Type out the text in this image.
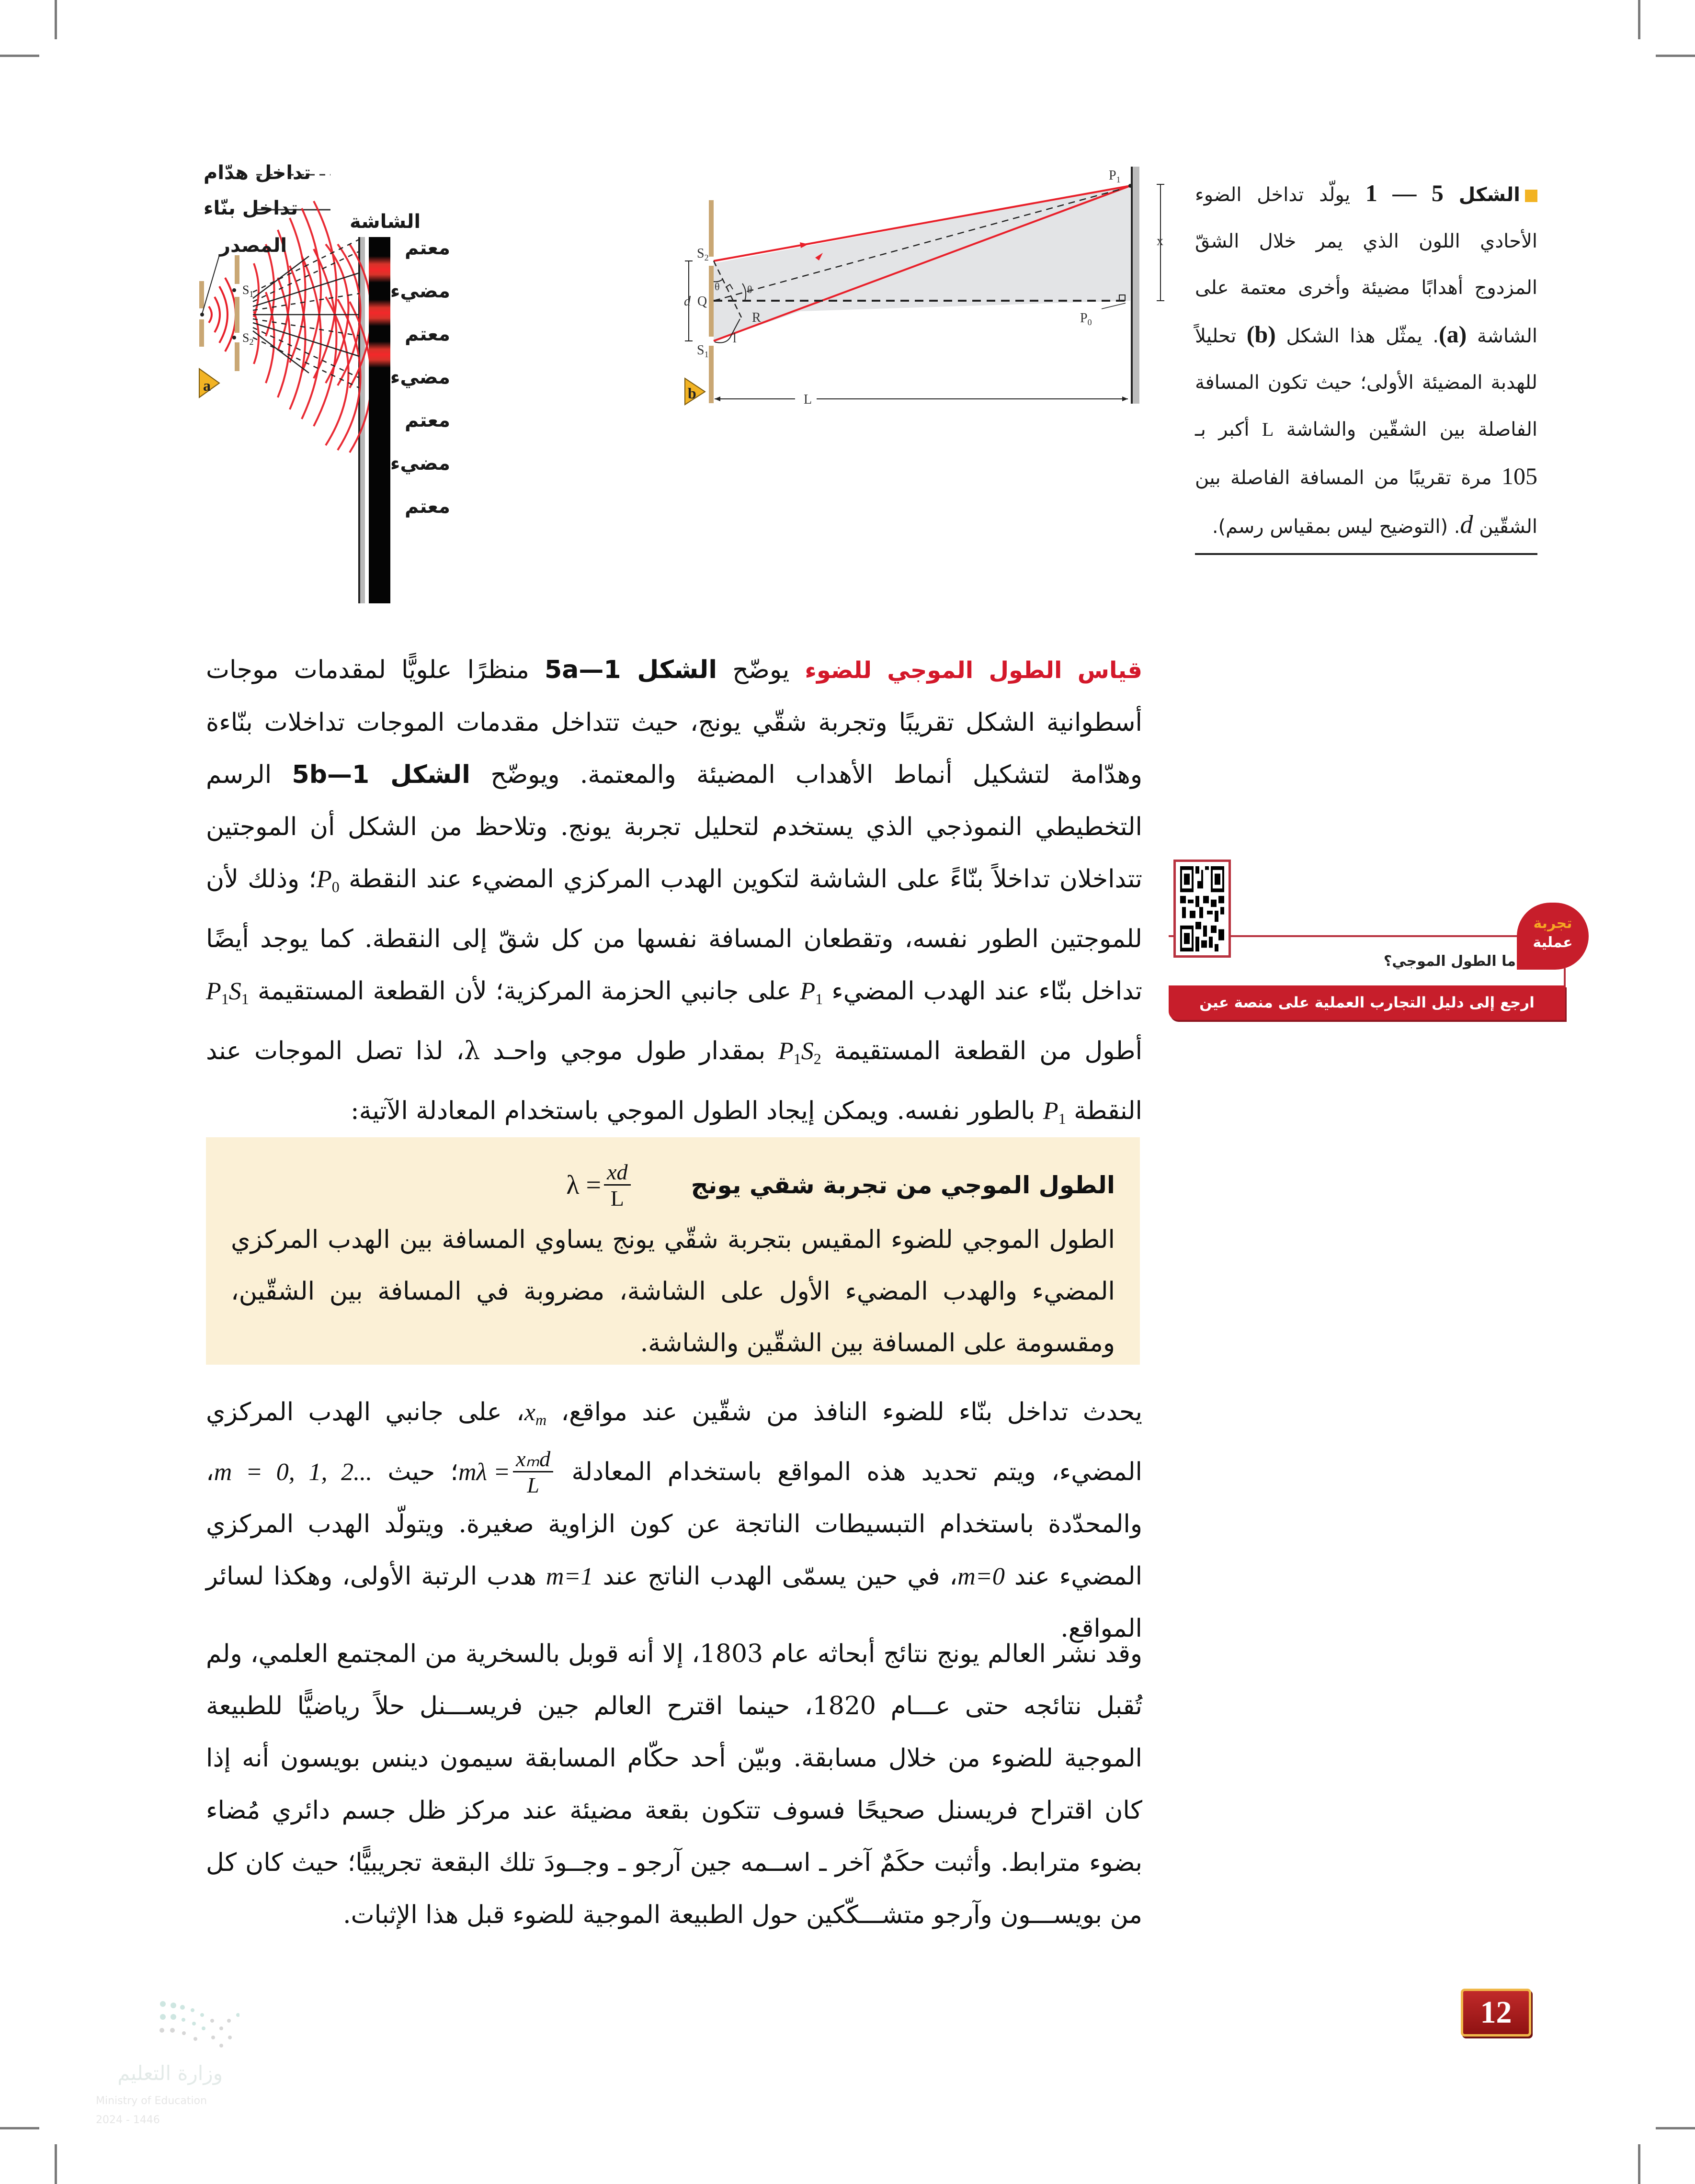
a
$S_1$
$S_2$
تداخل هدّام
تداخل بنّاء
الشاشة
المصدر	معتم
مضيء
معتم
مضيء
معتم
مضيء
معتم
b
$P_1$
$P_0$
$S_2$
$S_1$
Q
R
d
x
L
l
θ	θ
الشكل 5 — 1 يولّد تداخل الضوء الأحادي اللون الذي يمر خلال الشقّ المزدوج أهدابًا مضيئة وأخرى معتمة على الشاشة (a). يمثّل هذا الشكل (b) تحليلاً للهدبة المضيئة الأولى؛ حيث تكون المسافة الفاصلة بين الشقّين والشاشة L أكبر بـ 105 مرة تقريبًا من المسافة الفاصلة بين الشقّين d. (التوضيح ليس بمقياس رسم).
قياس الطول الموجي للضوء يوضّح الشكل 5a—1 منظرًا علويًّا لمقدمات موجات أسطوانية الشكل تقريبًا وتجربة شقّي يونج، حيث تتداخل مقدمات الموجات تداخلات بنّاءة وهدّامة لتشكيل أنماط الأهداب المضيئة والمعتمة. ويوضّح الشكل 5b—1 الرسم التخطيطي النموذجي الذي يستخدم لتحليل تجربة يونج. وتلاحظ من الشكل أن الموجتين تتداخلان تداخلاً بنّاءً على الشاشة لتكوين الهدب المركزي المضيء عند النقطة $P_0؛$ وذلك لأن للموجتين الطور نفسه، وتقطعان المسافة نفسها من كل شقّ إلى النقطة. كما يوجد أيضًا تداخل بنّاء عند الهدب المضيء $P_1$ على جانبي الحزمة المركزية؛ لأن القطعة المستقيمة $P_1S_1$ أطول من القطعة المستقيمة $P_1S_2$ بمقدار طول موجي واحـد λ، لذا تصل الموجات عند النقطة $P_1$ بالطور نفسه. ويمكن إيجاد الطول الموجي باستخدام المعادلة الآتية:
الطول الموجي من تجربة شقي يونج
$\lambda = \frac{xd}{L}$
الطول الموجي للضوء المقيس بتجربة شقّي يونج يساوي المسافة بين الهدب المركزي المضيء والهدب المضيء الأول على الشاشة، مضروبة في المسافة بين الشقّين، ومقسومة على المسافة بين الشقّين والشاشة.
يحدث تداخل بنّاء للضوء النافذ من شقّين عند مواقع، $x_m،$ على جانبي الهدب المركزي المضيء، ويتم تحديد هذه المواقع باستخدام المعادلة
$m\lambda = \frac{\text{xₘd}}{L}$
؛ حيث m = 0, 1, 2...، والمحدّدة باستخدام التبسيطات الناتجة عن كون الزاوية صغيرة. ويتولّد الهدب المركزي المضيء عند m=0، في حين يسمّى الهدب الناتج عند m=1 هدب الرتبة الأولى، وهكذا لسائر المواقع.
وقد نشر العالم يونج نتائج أبحاثه عام 1803، إلا أنه قوبل بالسخرية من المجتمع العلمي، ولم تُقبل نتائجه حتى عـــام 1820، حينما اقترح العالم جين فريســـنل حلاً رياضيًّا للطبيعة الموجية للضوء من خلال مسابقة. وبيّن أحد حكّام المسابقة سيمون دينس بويسون أنه إذا كان اقتراح فريسنل صحيحًا فسوف تتكون بقعة مضيئة عند مركز ظل جسم دائري مُضاء بضوء مترابط. وأثبت حكَمٌ آخر ـ اســمه جين آرجو ـ وجــودَ تلك البقعة تجريبيًّا؛ حيث كان كل من بويســـون وآرجو متشـــكّكين حول الطبيعة الموجية للضوء قبل هذا الإثبات.
تجربة
عملية
ما الطول الموجي؟
ارجع إلى دليل التجارب العملية على منصة عين الإثرائية
وزارة التعليم
Ministry of Education
2024 - 1446
12
